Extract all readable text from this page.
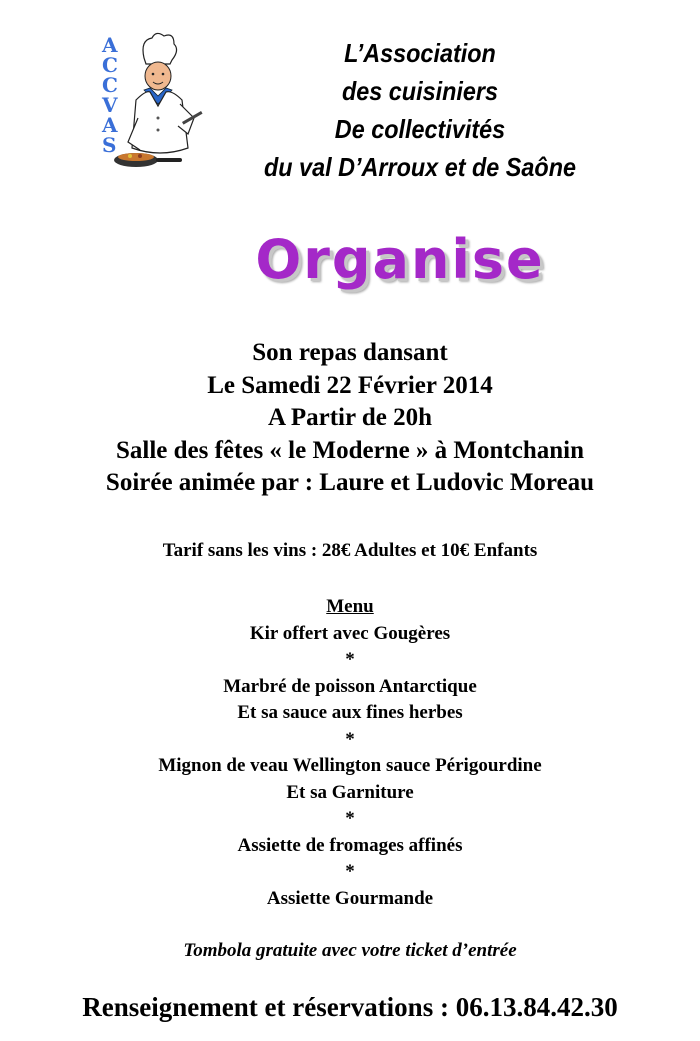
A
C
C
V
A
S
L’Association
des cuisiniers
De collectivités
du val D’Arroux et de Saône
Organise
Son repas dansant
Le Samedi 22 Février 2014
A Partir de 20h
Salle des fêtes « le Moderne » à Montchanin
Soirée animée par : Laure et Ludovic Moreau
Tarif sans les vins : 28€ Adultes et 10€ Enfants
Menu
Kir offert avec Gougères
*
Marbré de poisson Antarctique
Et sa sauce aux fines herbes
*
Mignon de veau Wellington sauce Périgourdine
Et sa Garniture
*
Assiette de fromages affinés
*
Assiette Gourmande
Tombola gratuite avec votre ticket d’entrée
Renseignement et réservations : 06.13.84.42.30
